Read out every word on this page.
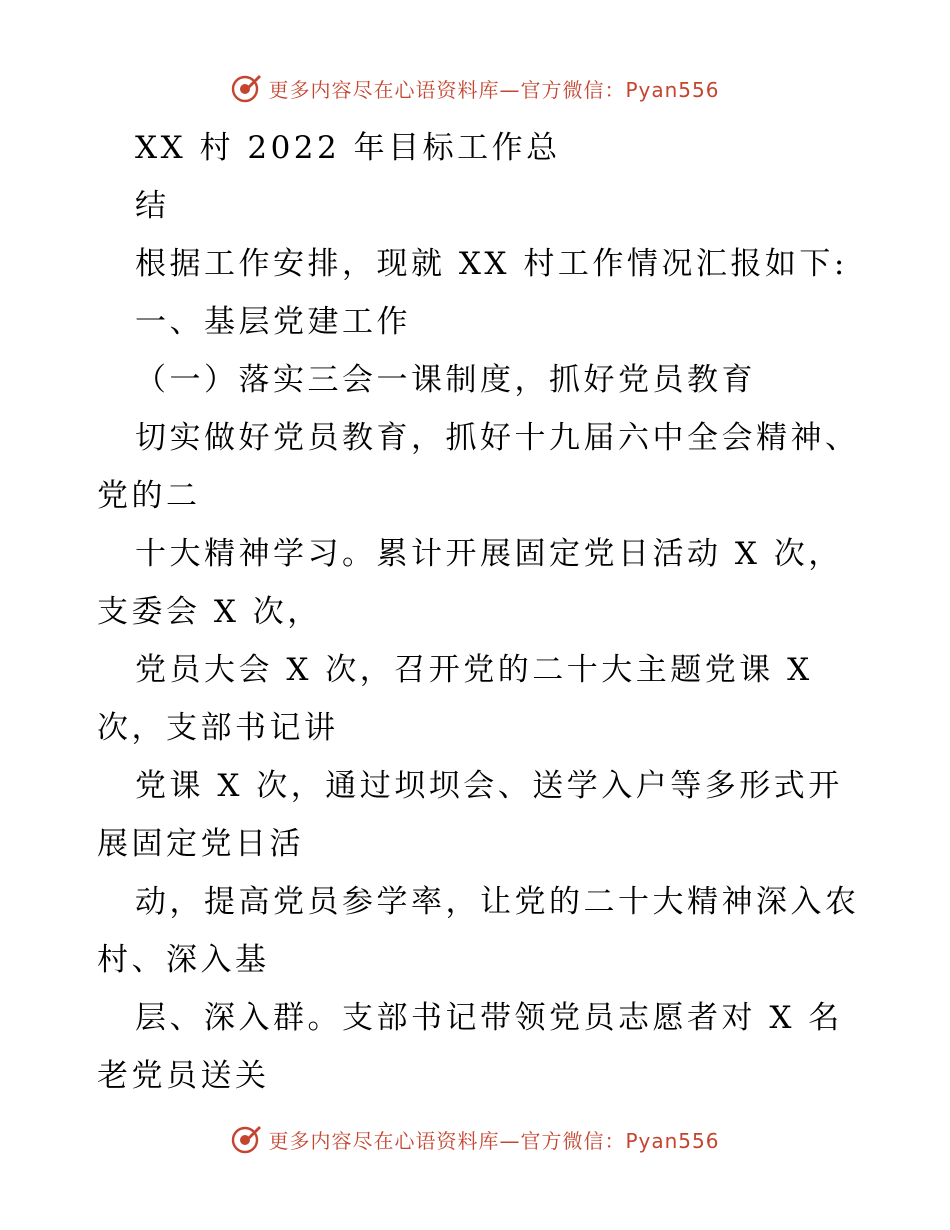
更多内容尽在心语资料库—官方微信：Pyan556
XX 村 2022 年目标工作总
结
根据工作安排，现就 XX 村工作情况汇报如下:
一、基层党建工作
（一）落实三会一课制度，抓好党员教育
切实做好党员教育，抓好十九届六中全会精神、
党的二
十大精神学习。累计开展固定党日活动 X 次，
支委会 X 次，
党员大会 X 次，召开党的二十大主题党课 X
次，支部书记讲
党课 X 次，通过坝坝会、送学入户等多形式开
展固定党日活
动，提高党员参学率，让党的二十大精神深入农
村、深入基
层、深入群。支部书记带领党员志愿者对 X 名
老党员送关
更多内容尽在心语资料库—官方微信：Pyan556
